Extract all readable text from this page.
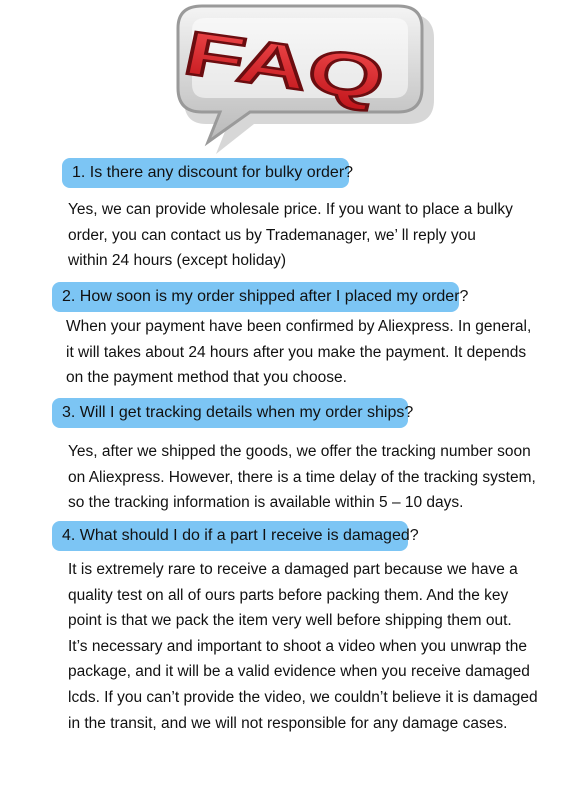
FAQ
1. Is there any discount for bulky order?
Yes, we can provide wholesale price. If you want to place a bulky
order, you can contact us by Trademanager, we’ ll reply you
within 24 hours (except holiday)
2. How soon is my order shipped after I placed my order?
When your payment have been confirmed by Aliexpress. In general,
it will takes about 24 hours after you make the payment. It depends
on the payment method that you choose.
3. Will I get tracking details when my order ships?
Yes, after we shipped the goods, we offer the tracking number soon
on Aliexpress. However, there is a time delay of the tracking system,
so the tracking information is available within 5 – 10 days.
4. What should I do if a part I receive is damaged?
It is extremely rare to receive a damaged part because we have a
quality test on all of ours parts before packing them. And the key
point is that we pack the item very well before shipping them out.
It’s necessary and important to shoot a video when you unwrap the
package, and it will be a valid evidence when you receive damaged
lcds. If you can’t provide the video, we couldn’t believe it is damaged
in the transit, and we will not responsible for any damage cases.
